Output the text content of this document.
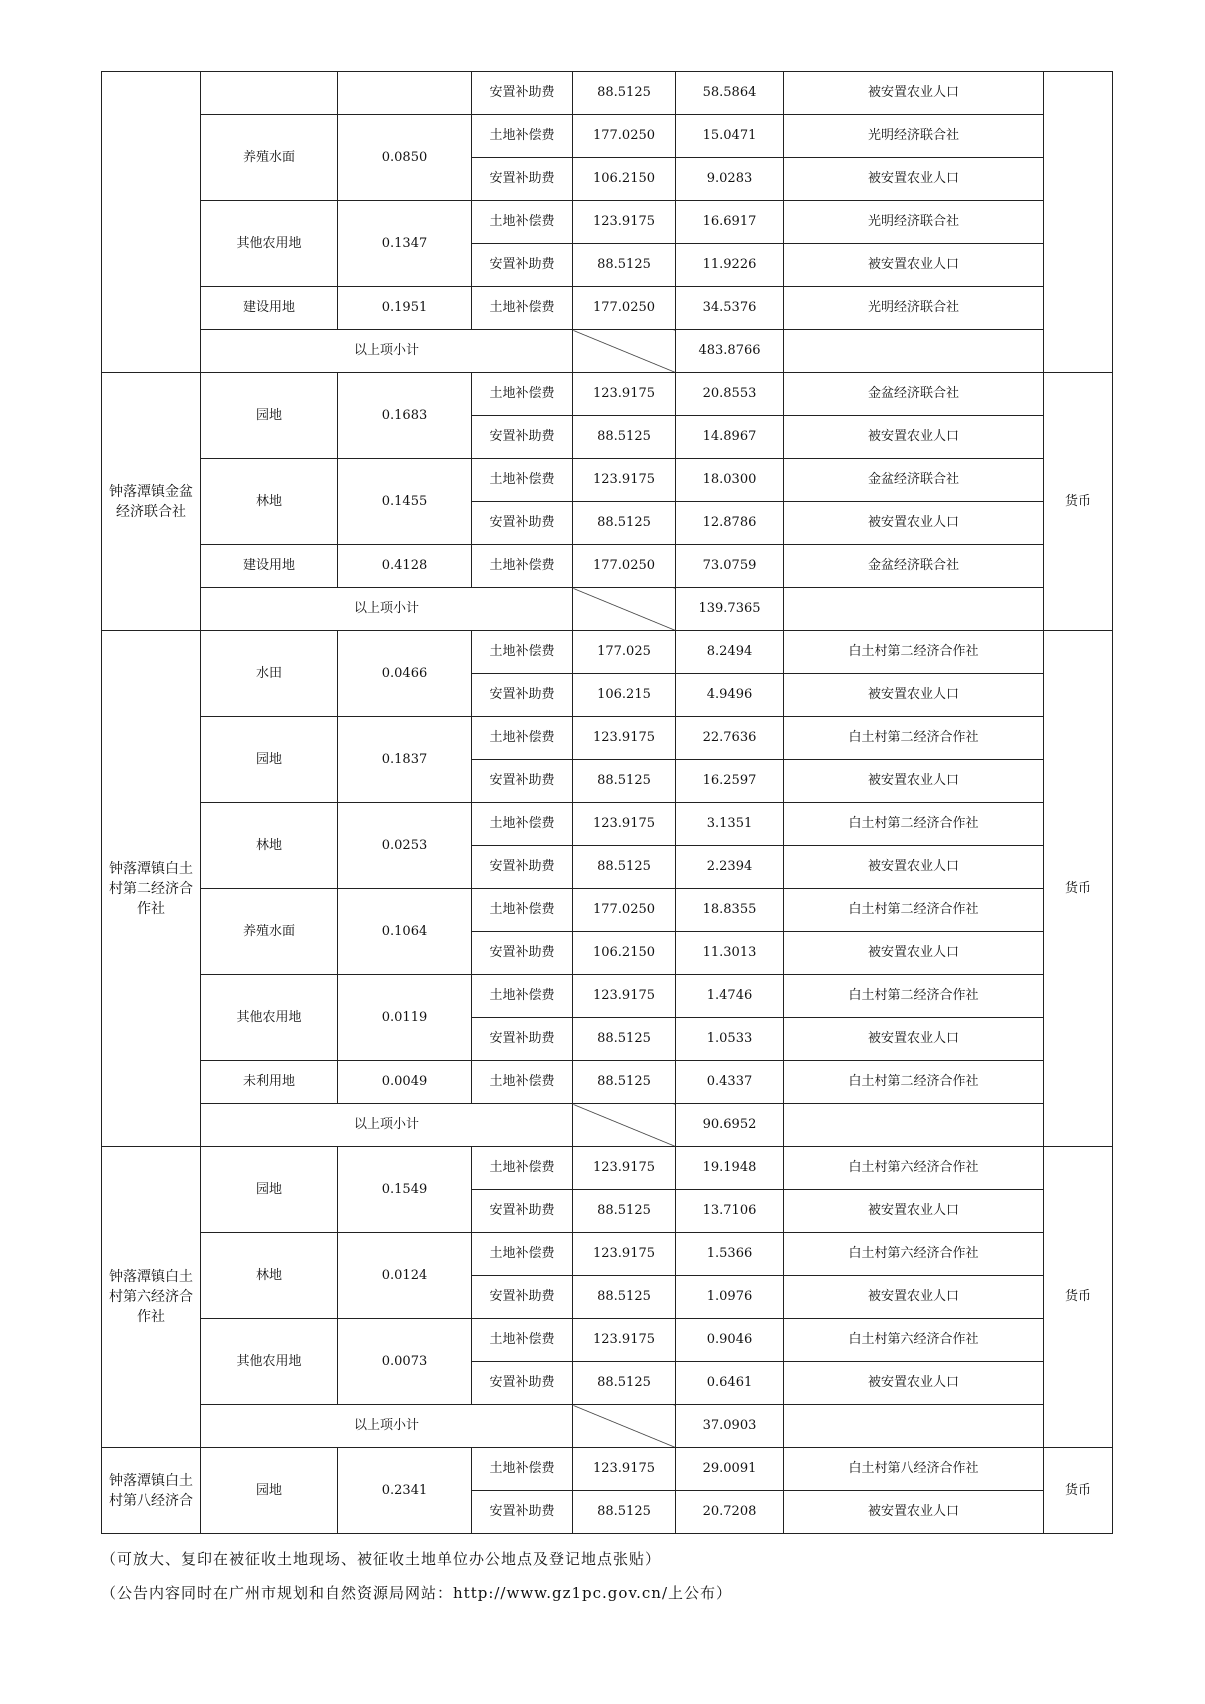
			安置补助费	88.5125	58.5864	被安置农业人口	
	养殖水面	0.0850	土地补偿费	177.0250	15.0471	光明经济联合社	
			安置补助费	106.2150	9.0283	被安置农业人口	
	其他农用地	0.1347	土地补偿费	123.9175	16.6917	光明经济联合社	
			安置补助费	88.5125	11.9226	被安置农业人口	
	建设用地	0.1951	土地补偿费	177.0250	34.5376	光明经济联合社	
	以上项小计				483.8766		
钟落潭镇金盆经济联合社	园地	0.1683	土地补偿费	123.9175	20.8553	金盆经济联合社	货币
			安置补助费	88.5125	14.8967	被安置农业人口	
	林地	0.1455	土地补偿费	123.9175	18.0300	金盆经济联合社	
			安置补助费	88.5125	12.8786	被安置农业人口	
	建设用地	0.4128	土地补偿费	177.0250	73.0759	金盆经济联合社	
	以上项小计				139.7365		
钟落潭镇白土村第二经济合作社	水田	0.0466	土地补偿费	177.025	8.2494	白土村第二经济合作社	货币
			安置补助费	106.215	4.9496	被安置农业人口	
	园地	0.1837	土地补偿费	123.9175	22.7636	白土村第二经济合作社	
			安置补助费	88.5125	16.2597	被安置农业人口	
	林地	0.0253	土地补偿费	123.9175	3.1351	白土村第二经济合作社	
			安置补助费	88.5125	2.2394	被安置农业人口	
	养殖水面	0.1064	土地补偿费	177.0250	18.8355	白土村第二经济合作社	
			安置补助费	106.2150	11.3013	被安置农业人口	
	其他农用地	0.0119	土地补偿费	123.9175	1.4746	白土村第二经济合作社	
			安置补助费	88.5125	1.0533	被安置农业人口	
	未利用地	0.0049	土地补偿费	88.5125	0.4337	白土村第二经济合作社	
	以上项小计				90.6952		
钟落潭镇白土村第六经济合作社	园地	0.1549	土地补偿费	123.9175	19.1948	白土村第六经济合作社	货币
			安置补助费	88.5125	13.7106	被安置农业人口	
	林地	0.0124	土地补偿费	123.9175	1.5366	白土村第六经济合作社	
			安置补助费	88.5125	1.0976	被安置农业人口	
	其他农用地	0.0073	土地补偿费	123.9175	0.9046	白土村第六经济合作社	
			安置补助费	88.5125	0.6461	被安置农业人口	
	以上项小计				37.0903		
钟落潭镇白土村第八经济合	园地	0.2341	土地补偿费	123.9175	29.0091	白土村第八经济合作社	货币
			安置补助费	88.5125	20.7208	被安置农业人口	
（可放大、复印在被征收土地现场、被征收土地单位办公地点及登记地点张贴）
（公告内容同时在广州市规划和自然资源局网站：http://www.gz1pc.gov.cn/上公布）
